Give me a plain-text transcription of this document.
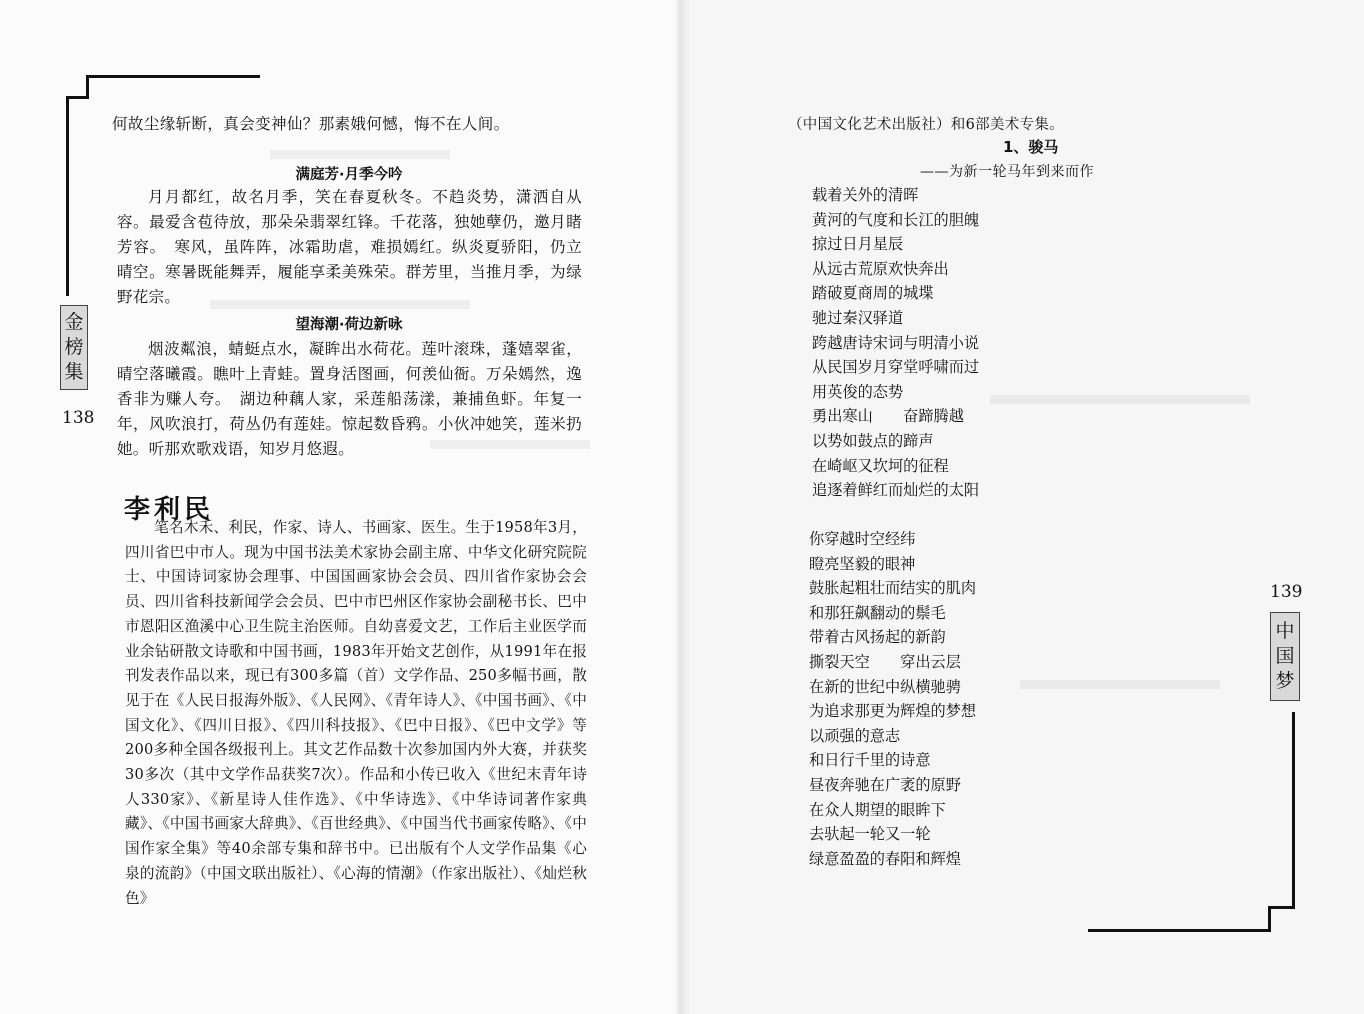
金
榜
集
138
何故尘缘斩断，真会变神仙？那素娥何憾，悔不在人间。
满庭芳·月季今吟

月月都红，故名月季，笑在春夏秋冬。不趋炎势，潇洒自从容。最爱含苞待放，那朵朵翡翠红锋。千花落，独她孽仍，邀月睹芳容。　寒风，虽阵阵，冰霜助虐，难损嫣红。纵炎夏骄阳，仍立晴空。寒暑既能舞弄，履能享柔美殊荣。群芳里，当推月季，为绿野花宗。

望海潮·荷边新咏

烟波粼浪，蜻蜓点水，凝眸出水荷花。莲叶滚珠，蓬嬉翠雀，晴空落曦霞。瞧叶上青蛙。置身活图画，何羡仙衙。万朵嫣然，逸香非为赚人夸。　湖边种藕人家，采莲船荡漾，兼捕鱼虾。年复一年，风吹浪打，荷丛仍有莲娃。惊起数昏鸦。小伙冲她笑，莲米扔她。听那欢歌戏语，知岁月悠遐。

李利民

笔名木禾、利民，作家、诗人、书画家、医生。生于1958年3月，四川省巴中市人。现为中国书法美术家协会副主席、中华文化研究院院士、中国诗词家协会理事、中国国画家协会会员、四川省作家协会会员、四川省科技新闻学会会员、巴中市巴州区作家协会副秘书长、巴中市恩阳区渔溪中心卫生院主治医师。自幼喜爱文艺，工作后主业医学而业余钻研散文诗歌和中国书画，1983年开始文艺创作，从1991年在报刊发表作品以来，现已有300多篇（首）文学作品、250多幅书画，散见于在《人民日报海外版》、《人民网》、《青年诗人》、《中国书画》、《中国文化》、《四川日报》、《四川科技报》、《巴中日报》、《巴中文学》等200多种全国各级报刊上。其文艺作品数十次参加国内外大赛，并获奖30多次（其中文学作品获奖7次）。作品和小传已收入《世纪末青年诗人330家》、《新星诗人佳作选》、《中华诗选》、《中华诗词著作家典藏》、《中国书画家大辞典》、《百世经典》、《中国当代书画家传略》、《中国作家全集》等40余部专集和辞书中。已出版有个人文学作品集《心泉的流韵》（中国文联出版社）、《心海的情潮》（作家出版社）、《灿烂秋色》

（中国文化艺术出版社）和6部美术专集。
1、骏马
——为新一轮马年到来而作
载着关外的清晖
黄河的气度和长江的胆魄
掠过日月星辰
从远古荒原欢快奔出
踏破夏商周的城堞
驰过秦汉驿道
跨越唐诗宋词与明清小说
从民国岁月穿堂呼啸而过
用英俊的态势
勇出寒山　　奋蹄腾越
以势如鼓点的蹄声
在崎岖又坎坷的征程
追逐着鲜红而灿烂的太阳
你穿越时空经纬
瞪亮坚毅的眼神
鼓胀起粗壮而结实的肌肉
和那狂飙翻动的鬃毛
带着古风扬起的新韵
撕裂天空　　穿出云层
在新的世纪中纵横驰骋
为追求那更为辉煌的梦想
以顽强的意志
和日行千里的诗意
昼夜奔驰在广袤的原野
在众人期望的眼眸下
去驮起一轮又一轮
绿意盈盈的春阳和辉煌
139
中
国
梦
